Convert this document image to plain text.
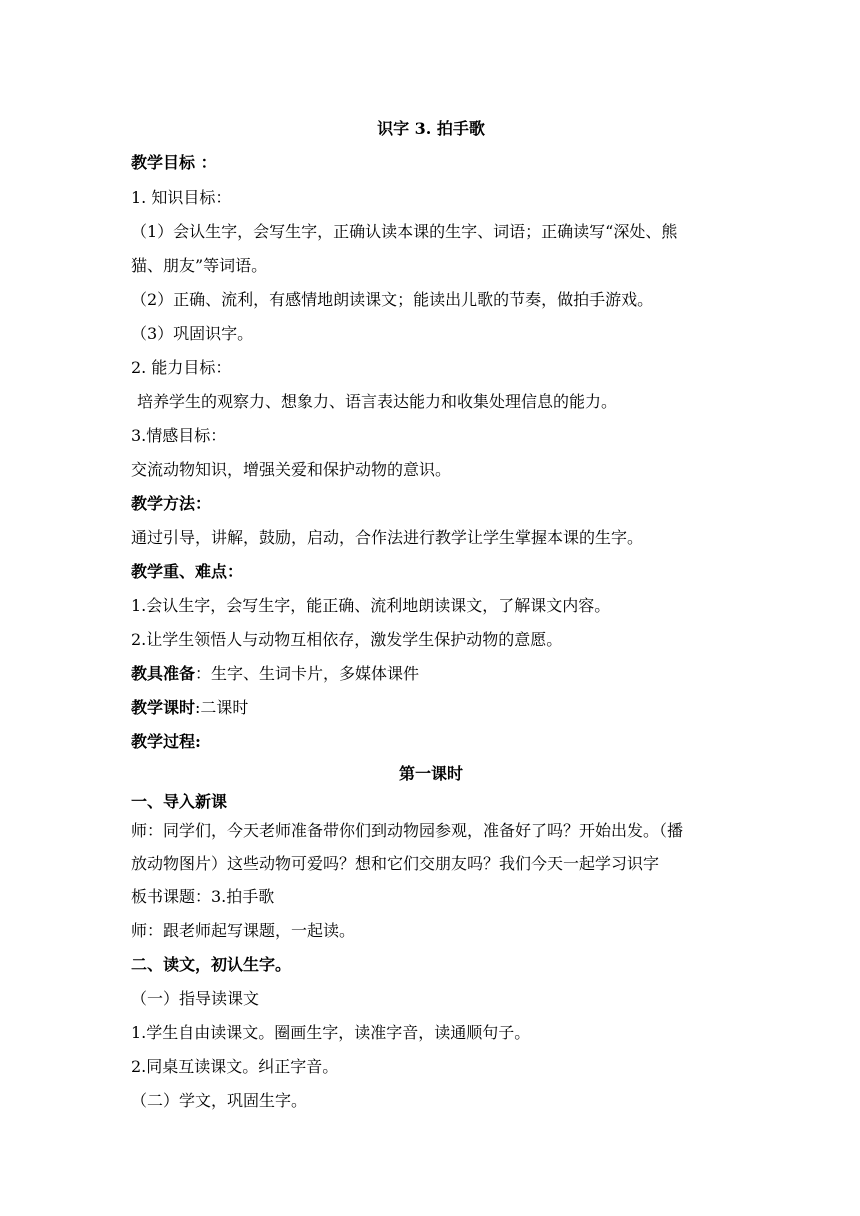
识字 3. 拍手歌
教学目标 ：
1. 知识目标：
（1）会认生字，会写生字，正确认读本课的生字、词语；正确读写“深处、熊
猫、朋友”等词语。
（2）正确、流利，有感情地朗读课文；能读出儿歌的节奏，做拍手游戏。
（3）巩固识字。
2. 能力目标：
培养学生的观察力、想象力、语言表达能力和收集处理信息的能力。
3.情感目标：
交流动物知识，增强关爱和保护动物的意识。
教学方法：
通过引导，讲解，鼓励，启动，合作法进行教学让学生掌握本课的生字。
教学重、难点：
1.会认生字，会写生字，能正确、流利地朗读课文，了解课文内容。
2.让学生领悟人与动物互相依存，激发学生保护动物的意愿。
教具准备：生字、生词卡片，多媒体课件
教学课时:二课时
教学过程:
第一课时
一、导入新课
师：同学们，今天老师准备带你们到动物园参观，准备好了吗？开始出发。（播
放动物图片）这些动物可爱吗？想和它们交朋友吗？我们今天一起学习识字
板书课题：3.拍手歌
师：跟老师起写课题，一起读。
二、读文，初认生字。
（一）指导读课文
1.学生自由读课文。圈画生字，读准字音，读通顺句子。
2.同桌互读课文。纠正字音。
（二）学文，巩固生字。
